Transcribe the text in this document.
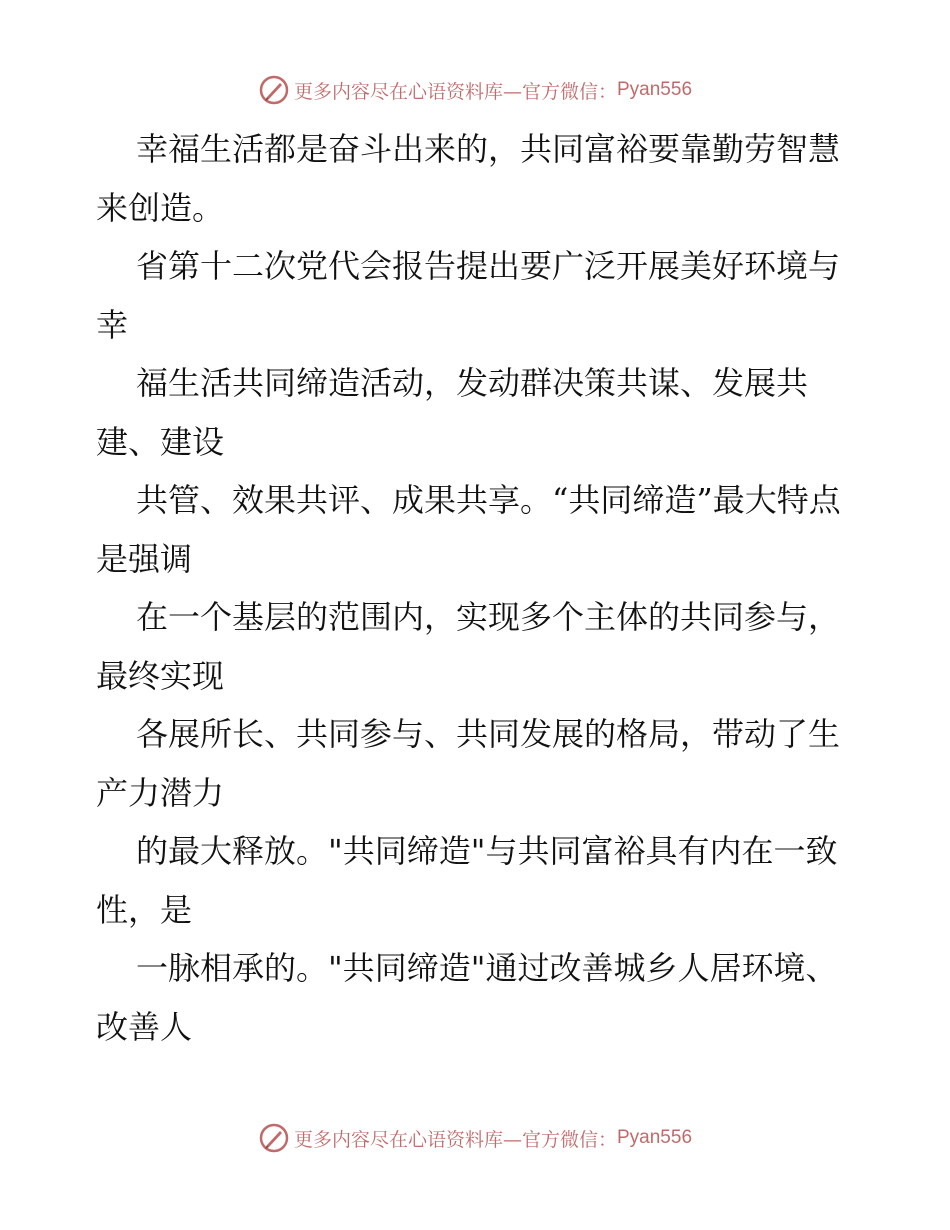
更多内容尽在心语资料库—官方微信： Pyan556

幸福生活都是奋斗出来的，共同富裕要靠勤劳智慧来创造。

省第十二次党代会报告提出要广泛开展美好环境与幸

福生活共同缔造活动，发动群决策共谋、发展共建、建设

共管、效果共评、成果共享。“共同缔造”最大特点是强调

在一个基层的范围内，实现多个主体的共同参与，最终实现

各展所长、共同参与、共同发展的格局，带动了生产力潜力

的最大释放。"共同缔造"与共同富裕具有内在一致性，是

一脉相承的。"共同缔造"通过改善城乡人居环境、改善人

更多内容尽在心语资料库—官方微信： Pyan556
